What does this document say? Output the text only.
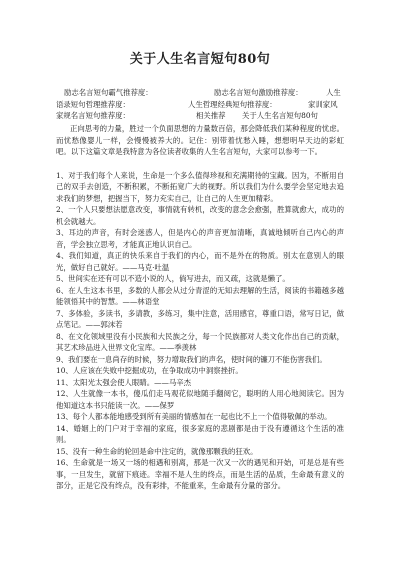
关于人生名言短句80句
励志名言短句霸气推荐度：	励志名言短句激励推荐度：	人生
语录短句哲理推荐度：	人生哲理经典短句推荐度：	家训家风
家规名言短句推荐度：	相关推荐 关于人生名言短句80句

正向思考的力量，胜过一个负面思想的力量数百倍，那会降低我们某种程度的忧虑。而忧愁像婴儿一样，会慢慢被养大的。记住：别带着忧愁入睡，想想明早天边的彩虹吧。以下这篇文章是我特意为各位读者收集的人生名言短句，大家可以参考一下。

1、对于我们每个人来说，生命是一个多么值得珍视和充满期待的宝藏。因为，不断用自己的双手去创造，不断积累，不断拓宽广大的视野。所以我们为什么要学会坚定地去追求我们的梦想，把握当下，努力充实自己，让自己的人生更加精彩。

2、一个人只要想法愿意改变，事情就有转机，改变的意念会愈强，胜算就愈大，成功的机会就越大。

3、耳边的声音，有时会迷惑人，但是内心的声音更加清晰，真诚地倾听自己内心的声音，学会独立思考，才能真正地认识自己。

4、我们知道，真正的快乐来自于我们的内心，而不是外在的物质。别太在意别人的眼光，做好自己就好。——马克·吐温

5、世间实在还有可以不造小说的人，倘写进去，而又疏，这就是懒了。

6、在人生这本书里，多数的人都会从过分青涩的无知去理解的生活，阅读的书籍越多越能领悟其中的智慧。——林语堂

7、多体验，多读书，多请教，多练习，集中注意，活用感官，尊重口语，常写日记，做点笔记。——郭沫若

8、在文化领域里没有小民族和大民族之分，每一个民族都对人类文化作出自己的贡献，其艺术珍品进入世界文化宝库。——季羡林

9、我们要在一息尚存的时候，努力增取我们的声名，使时间的镰刀不能伤害我们。

10、人应该在失败中挖掘成功，在争取成功中洞察挫折。

11、太阳光太强会使人眼睛。——马辛杰

12、人生就像一本书，傻瓜们走马观花似地随手翻阅它，聪明的人用心地阅读它。因为他知道这本书只能读一次。——保罗

13、每个人都本能地感受到所有美丽的情感加在一起也比不上一个值得敬佩的举动。

14、婚姻上的门户对于幸福的家庭，很多家庭的悲剧都是由于没有遵循这个生活的准则。

15、没有一种生命的轮回是命中注定的，就像那颗我的狂欢。

16、生命就是一场又一场的相遇和别离，那是一次又一次的遇见和开始，可是总是有些事，一旦发生，就留下痕迹。幸福不是人生的终点，而是生活的品质，生命最有意义的部分，正是它没有终点，没有彩排，不能重来，生命最有分量的部分。
